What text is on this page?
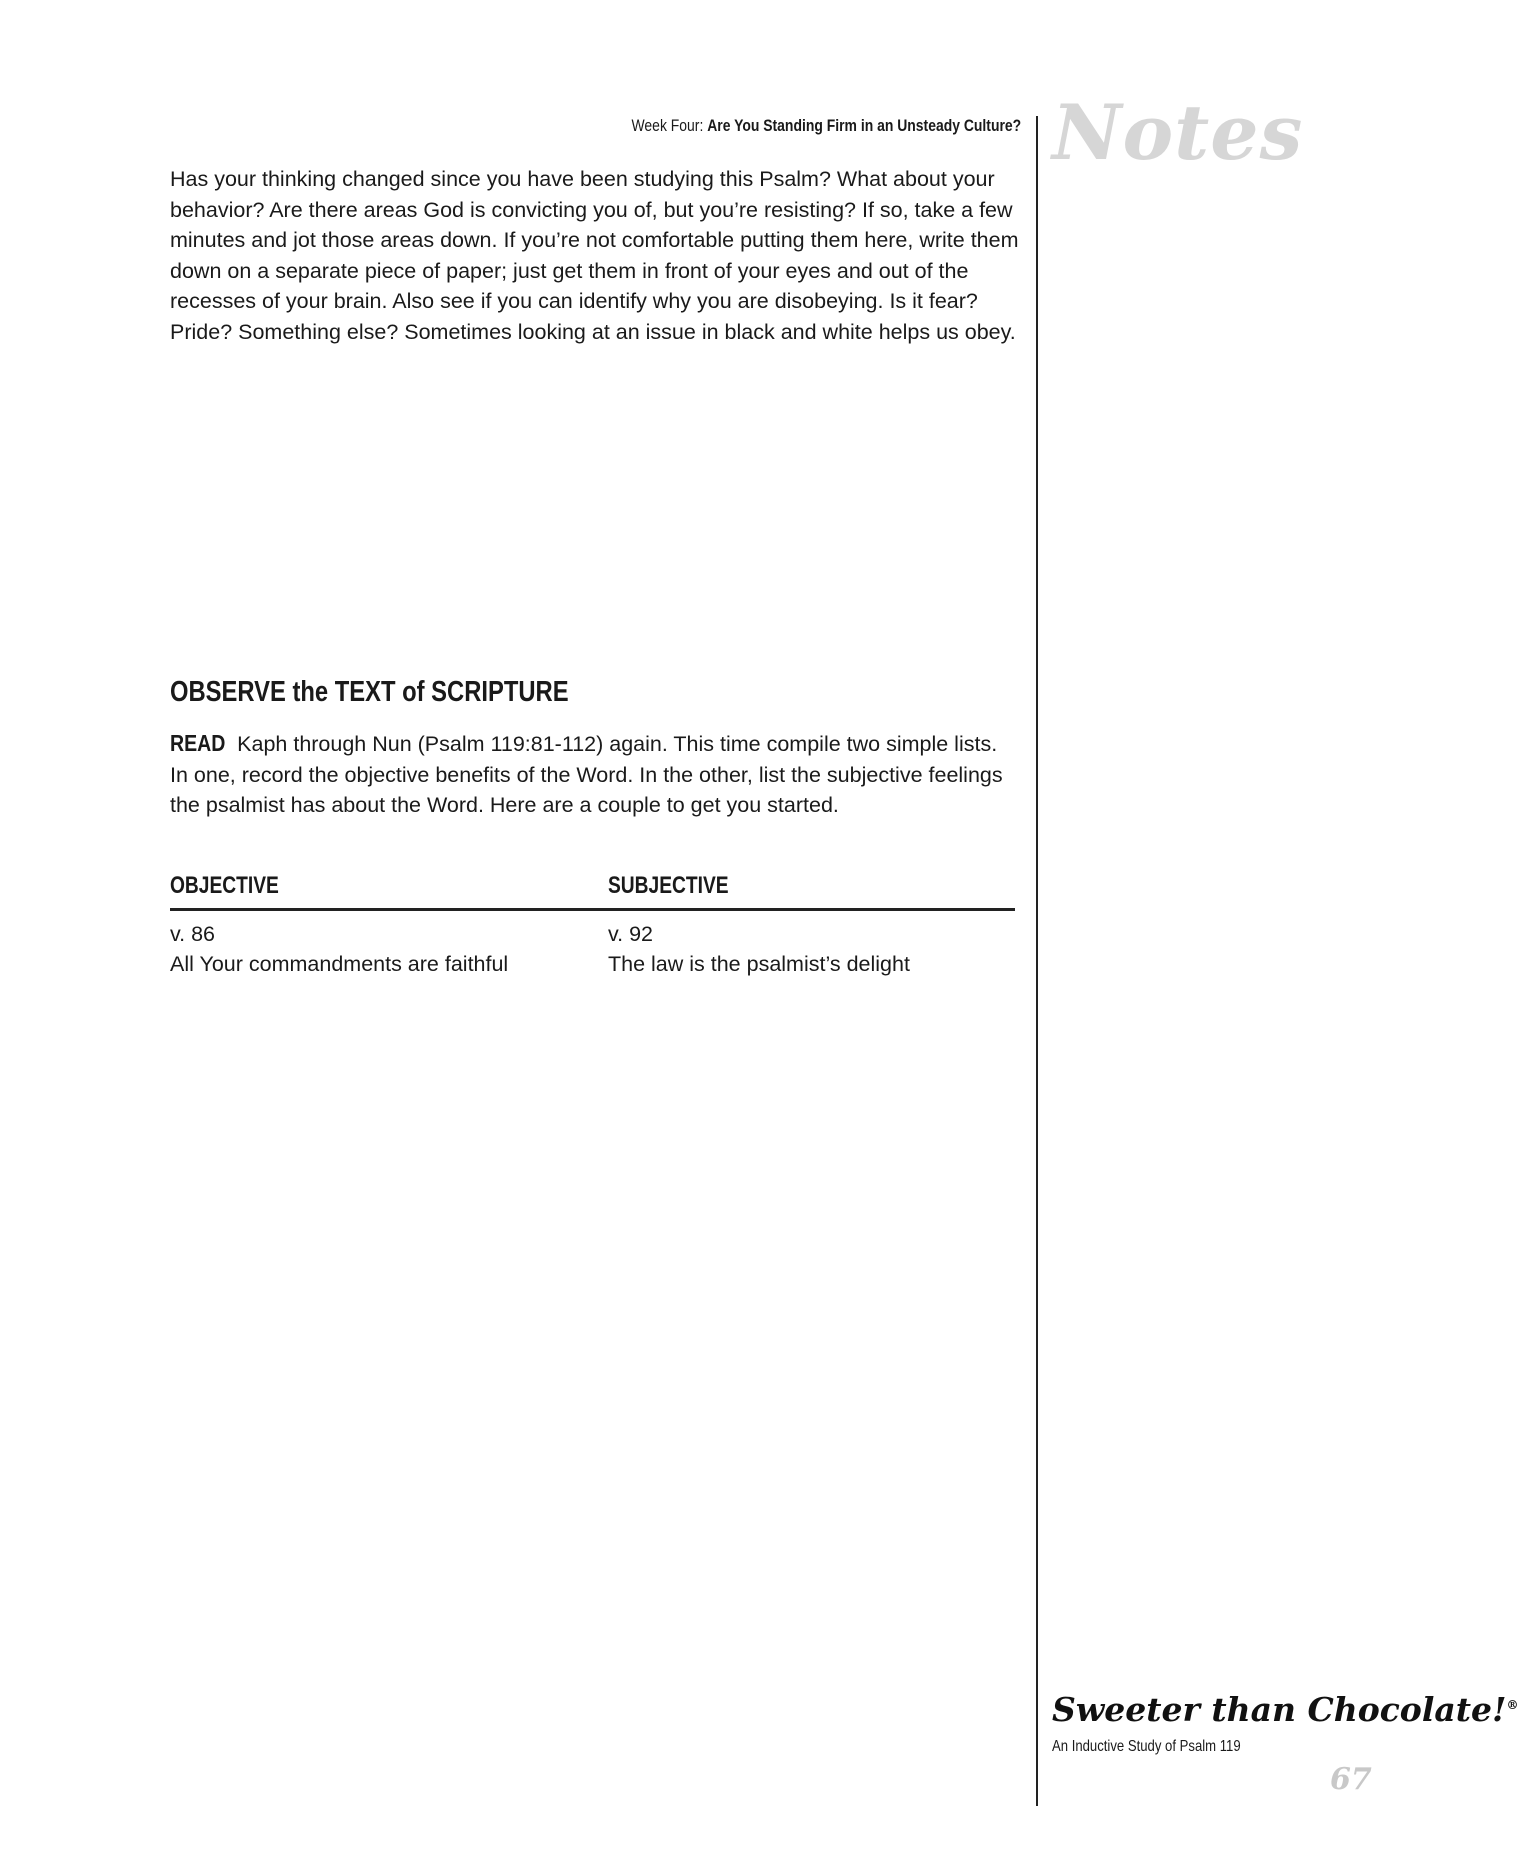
Week Four: Are You Standing Firm in an Unsteady Culture? Notes
Has your thinking changed since you have been studying this Psalm? What about your behavior? Are there areas God is convicting you of, but you’re resisting? If so, take a few minutes and jot those areas down. If you’re not comfortable putting them here, write them down on a separate piece of paper; just get them in front of your eyes and out of the recesses of your brain. Also see if you can identify why you are disobeying. Is it fear? Pride? Something else? Sometimes looking at an issue in black and white helps us obey.
OBSERVE the TEXT of SCRIPTURE
READ Kaph through Nun (Psalm 119:81-112) again. This time compile two simple lists. In one, record the objective benefits of the Word. In the other, list the subjective feelings the psalmist has about the Word. Here are a couple to get you started.
OBJECTIVE	SUBJECTIVE
v. 86	v. 92
All Your commandments are faithful	The law is the psalmist’s delight
Sweeter than Chocolate!®
An Inductive Study of Psalm 119
67
